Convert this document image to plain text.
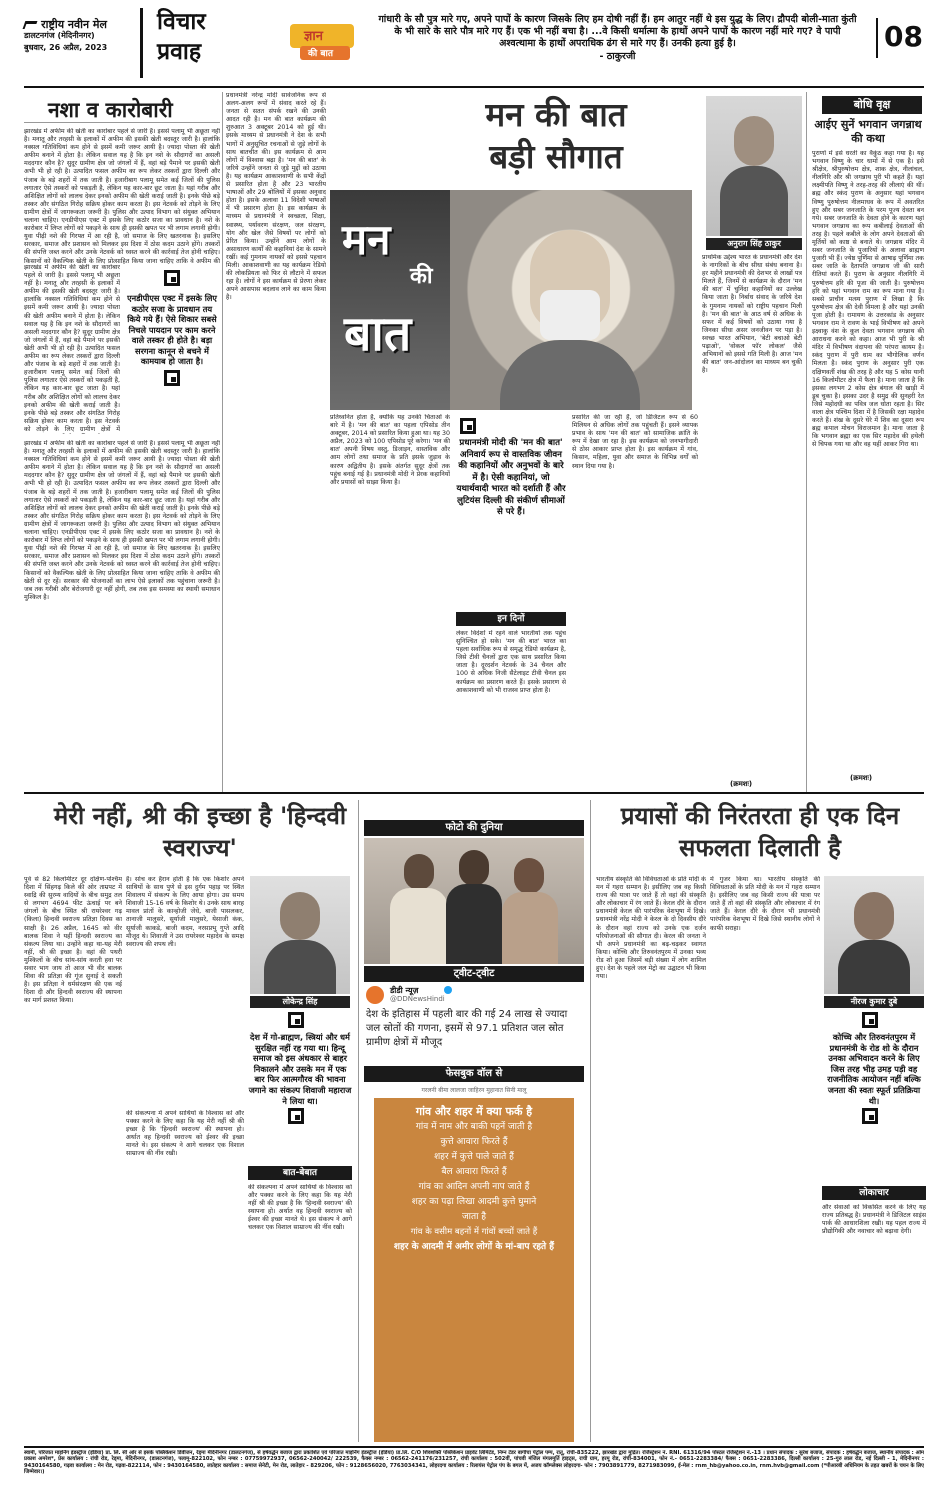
राष्ट्रीय नवीन मेल
डालटनगंज (मेदिनीनगर)
बुधवार, 26 अप्रैल, 2023
विचार
प्रवाह
ज्ञान
की बात
गांधारी के सौ पुत्र मारे गए, अपने पापों के कारण जिसके लिए हम दोषी नहीं हैं। हम आतुर नहीं थे इस युद्ध के लिए। द्रौपदी बोली-माता कुंती के भी सारे के सारे पौत्र मारे गए हैं। एक भी नहीं बचा है। ...वे किसी धर्मात्मा के हाथों अपने पापों के कारण नहीं मारे गए? वे पापी अश्वत्थामा के हाथों अपराधिक ढंग से मारे गए हैं। उनकी हत्या हुई है।
- ठाकुरजी
08
नशा व कारोबारी
झारखंड में अफीम की खेती का कारोबार पहले से जारी है। इससे पलामू भी अछूता नहीं है। मनातू और तरहसी के इलाकों में अफीम की इसकी खेती बदस्तूर जारी है। हालांकि नक्सल गतिविधियां कम होने से इसमें कमी जरूर आयी है। ज्यादा पोस्ता की खेती अफीम बनाने में होता है। लेकिन सवाल यह है कि इन नशे के सौदागरों का असली मददगार कौन है? सुदूर ग्रामीण क्षेत्र जो जंगलों में हैं, वहां बड़े पैमाने पर इसकी खेती अभी भी हो रही है। उत्पादित फसल अफीम का रूप लेकर तस्करों द्वारा दिल्ली और पंजाब के बड़े शहरों में तक जाती है। हजारीबाग पलामू समेत कई जिलों की पुलिस लगातार ऐसे तस्करों को पकड़ती है, लेकिन यह कार-बार छूट जाता है। यहां गरीब और अशिक्षित लोगों को लालच देकर इनको अफीम की खेती कराई जाती है। इनके पीछे बड़े तस्कर और संगठित गिरोह सक्रिय होकर काम करता है। इस नेटवर्क को तोड़ने के लिए ग्रामीण क्षेत्रों में जागरूकता जरूरी है। पुलिस और उत्पाद विभाग को संयुक्त अभियान चलाना चाहिए। एनडीपीएस एक्ट में इसके लिए कठोर सजा का प्रावधान है। नशे के कारोबार में लिप्त लोगों को पकड़ने के साथ ही इसकी खपत पर भी लगाम लगानी होगी। युवा पीढ़ी नशे की गिरफ्त में आ रही है, जो समाज के लिए खतरनाक है। इसलिए सरकार, समाज और प्रशासन को मिलकर इस दिशा में ठोस कदम उठाने होंगे। तस्करों की संपत्ति जब्त करने और उनके नेटवर्क को ध्वस्त करने की कार्रवाई तेज होनी चाहिए। किसानों को वैकल्पिक खेती के लिए प्रोत्साहित किया जाना चाहिए ताकि वे अफीम की
झारखंड में अफीम की खेती का कारोबार पहले से जारी है। इससे पलामू भी अछूता नहीं है। मनातू और तरहसी के इलाकों में अफीम की इसकी खेती बदस्तूर जारी है। हालांकि नक्सल गतिविधियां कम होने से इसमें कमी जरूर आयी है। ज्यादा पोस्ता की खेती अफीम बनाने में होता है। लेकिन सवाल यह है कि इन नशे के सौदागरों का असली मददगार कौन है? सुदूर ग्रामीण क्षेत्र जो जंगलों में हैं, वहां बड़े पैमाने पर इसकी खेती अभी भी हो रही है। उत्पादित फसल अफीम का रूप लेकर तस्करों द्वारा दिल्ली और पंजाब के बड़े शहरों में तक जाती है। हजारीबाग पलामू समेत कई जिलों की पुलिस लगातार ऐसे तस्करों को पकड़ती है, लेकिन यह कार-बार छूट जाता है। यहां गरीब और अशिक्षित लोगों को लालच देकर इनको अफीम की खेती कराई जाती है। इनके पीछे बड़े तस्कर और संगठित गिरोह सक्रिय होकर काम करता है। इस नेटवर्क को तोड़ने के लिए ग्रामीण क्षेत्रों में
एनडीपीएस एक्ट में इसके लिए कठोर सजा के प्रावधान तय किये गये हैं। ऐसे शिकार सबसे निचले पायदान पर काम करने वाले तस्कर ही होते है। बड़ा सरगना कानून से बचने में कामयाब हो जाता है।
झारखंड में अफीम की खेती का कारोबार पहले से जारी है। इससे पलामू भी अछूता नहीं है। मनातू और तरहसी के इलाकों में अफीम की इसकी खेती बदस्तूर जारी है। हालांकि नक्सल गतिविधियां कम होने से इसमें कमी जरूर आयी है। ज्यादा पोस्ता की खेती अफीम बनाने में होता है। लेकिन सवाल यह है कि इन नशे के सौदागरों का असली मददगार कौन है? सुदूर ग्रामीण क्षेत्र जो जंगलों में हैं, वहां बड़े पैमाने पर इसकी खेती अभी भी हो रही है। उत्पादित फसल अफीम का रूप लेकर तस्करों द्वारा दिल्ली और पंजाब के बड़े शहरों में तक जाती है। हजारीबाग पलामू समेत कई जिलों की पुलिस लगातार ऐसे तस्करों को पकड़ती है, लेकिन यह कार-बार छूट जाता है। यहां गरीब और अशिक्षित लोगों को लालच देकर इनको अफीम की खेती कराई जाती है। इनके पीछे बड़े तस्कर और संगठित गिरोह सक्रिय होकर काम करता है। इस नेटवर्क को तोड़ने के लिए ग्रामीण क्षेत्रों में जागरूकता जरूरी है। पुलिस और उत्पाद विभाग को संयुक्त अभियान चलाना चाहिए। एनडीपीएस एक्ट में इसके लिए कठोर सजा का प्रावधान है। नशे के कारोबार में लिप्त लोगों को पकड़ने के साथ ही इसकी खपत पर भी लगाम लगानी होगी। युवा पीढ़ी नशे की गिरफ्त में आ रही है, जो समाज के लिए खतरनाक है। इसलिए सरकार, समाज और प्रशासन को मिलकर इस दिशा में ठोस कदम उठाने होंगे। तस्करों की संपत्ति जब्त करने और उनके नेटवर्क को ध्वस्त करने की कार्रवाई तेज होनी चाहिए। किसानों को वैकल्पिक खेती के लिए प्रोत्साहित किया जाना चाहिए ताकि वे अफीम की खेती से दूर रहें। सरकार की योजनाओं का लाभ ऐसे इलाकों तक पहुंचाना जरूरी है। जब तक गरीबी और बेरोजगारी दूर नहीं होगी, तब तक इस समस्या का स्थायी समाधान मुश्किल है।
प्रधानमंत्री नरेन्द्र मोदी सार्वजनिक रूप से अलग-अलग रूपों में संवाद करते रहे हैं। जनता से सतत संपर्क रखने की उनकी आदत रही है। मन की बात कार्यक्रम की शुरुआत 3 अक्टूबर 2014 को हुई थी। इसके माध्यम से प्रधानमंत्री ने देश के सभी भागों में अनुसूचित रचनाओं से जुड़े लोगों के साथ बातचीत की। इस कार्यक्रम से आम लोगों में विश्वास बढ़ा है। 'मन की बात' के जरिये उन्होंने जनता से जुड़े मुद्दों को उठाया है। यह कार्यक्रम आकाशवाणी के सभी केंद्रों से प्रसारित होता है और 23 भारतीय भाषाओं और 29 बोलियों में इसका अनुवाद होता है। इसके अलावा 11 विदेशी भाषाओं में भी प्रसारण होता है। इस कार्यक्रम के माध्यम से प्रधानमंत्री ने स्वच्छता, शिक्षा, स्वास्थ्य, पर्यावरण संरक्षण, जल संरक्षण, योग और खेल जैसे विषयों पर लोगों को प्रेरित किया। उन्होंने आम लोगों के असाधारण कार्यों की कहानियां देश के सामने रखीं। कई गुमनाम नायकों को इससे पहचान मिली। आकाशवाणी का यह कार्यक्रम रेडियो की लोकप्रियता को फिर से लौटाने में सफल रहा है। लोगों ने इस कार्यक्रम से प्रेरणा लेकर अपने आसपास बदलाव लाने का काम किया है।
मन की बात
बड़ी सौगात
मन
की
बात
अनुराग सिंह ठाकुर
प्राथमिक उद्देश्य भारत के प्रधानमंत्री और देश के नागरिकों के बीच सीधा संबंध बनाना है। हर महीने प्रधानमंत्री की देशभर से लाखों पत्र मिलते हैं, जिनमें से कार्यक्रम के दौरान 'मन की बात' में चुनिंदा कहानियों का उल्लेख किया जाता है। निर्बाध संवाद के जरिये देश के गुमनाम नायकों को राष्ट्रीय पहचान मिली है। 'मन की बात' के आठ वर्ष से अधिक के सफर में कई विषयों को उठाया गया है जिनका सीधा असर जनजीवन पर पड़ा है। स्वच्छ भारत अभियान, 'बेटी बचाओ बेटी पढ़ाओ', 'वोकल फॉर लोकल' जैसे अभियानों को इससे गति मिली है। आज 'मन की बात' जन-आंदोलन का माध्यम बन चुकी है।
(क्रमशः)
प्रतिध्वनित होता है, क्योंकि यह उनकी चिंताओं के बारे में है। 'मन की बात' का पहला एपिसोड तीन अक्टूबर, 2014 को प्रसारित किया हुआ था। यह 30 अप्रैल, 2023 को 100 एपिसोड पूरे करेगा। 'मन की बात' अपनी विषय वस्तु, डिजाइन, वास्तविक और आम लोगों तथा समाज के प्रति इसके जुड़ाव के कारण अद्वितीय है। इसके अंतर्गत सुदूर क्षेत्रों तक पहुंच बनाई गई है। प्रधानमंत्री मोदी ने प्रेरक कहानियों और प्रयासों को साझा किया है।
प्रधानमंत्री मोदी की 'मन की बात' अनिवार्य रूप से वास्तविक जीवन की कहानियों और अनुभवों के बारे में है। ऐसी कहानियां, जो यथार्थवादी भारत को दर्शाती हैं और लुटियंस दिल्ली की संकीर्ण सीमाओं से परे हैं।
इन दिनों
लेकर विदेशों में रहने वाले भारतीयों तक पहुंच सुनिश्चित हो सके। 'मन की बात' भारत का पहला सर्वाधिक रूप से समृद्ध रेडियो कार्यक्रम है, जिसे टीवी चैनलों द्वारा एक साथ प्रसारित किया जाता है। दूरदर्शन नेटवर्क के 34 चैनल और 100 से अधिक निजी सैटेलाइट टीवी चैनल इस कार्यक्रम का प्रसारण करते हैं। इसके प्रसारण से आकाशवाणी को भी राजस्व प्राप्त होता है।
प्रसारित की जा रही हैं, जो डिजिटल रूप से 60 मिलियन से अधिक लोगों तक पहुंचती हैं। इसने व्यापक प्रभाव के साथ 'मन की बात' को सामाजिक क्रांति के रूप में देखा जा रहा है। इस कार्यक्रम को जनभागीदारी से ठोस आकार प्राप्त होता है। इस कार्यक्रम में गांव, किसान, महिला, युवा और समाज के विभिन्न वर्गों को स्थान दिया गया है।
बोधि वृक्ष
आईए सुनें भगवान जगन्नाथ की कथा
पुराणों में इसे धरती का वैकुंठ कहा गया है। यह भगवान विष्णु के चार धामों में से एक है। इसे श्रीक्षेत्र, श्रीपुरुषोत्तम क्षेत्र, शाक क्षेत्र, नीलांचल, नीलगिरि और श्री जगन्नाथ पुरी भी कहते हैं। यहां लक्ष्मीपति विष्णु ने तरह-तरह की लीलाएं की थीं। ब्रह्म और स्कंद पुराण के अनुसार यहां भगवान विष्णु पुरुषोत्तम नीलमाधव के रूप में अवतरित हुए और सबर जनजाति के परम पूज्य देवता बन गये। सबर जनजाति के देवता होने के कारण यहां भगवान जगन्नाथ का रूप कबीलाई देवताओं की तरह है। पहले कबीले के लोग अपने देवताओं की मूर्तियों को काष्ठ से बनाते थे। जगन्नाथ मंदिर में सबर जनजाति के पुजारियों के अलावा ब्राह्मण पुजारी भी हैं। ज्येष्ठ पूर्णिमा से आषाढ़ पूर्णिमा तक सबर जाति के दैतापति जगन्नाथ जी की सारी रीतियां करते हैं। पुराण के अनुसार नीलगिरि में पुरुषोत्तम हरि की पूजा की जाती है। पुरुषोत्तम हरि को यहां भगवान राम का रूप माना गया है। सबसे प्राचीन मत्स्य पुराण में लिखा है कि पुरुषोत्तम क्षेत्र की देवी विमला है और यहां उनकी पूजा होती है। रामायण के उत्तरकांड के अनुसार भगवान राम ने रावण के भाई विभीषण को अपने इक्ष्वाकु वंश के कुल देवता भगवान जगन्नाथ की आराधना करने को कहा। आज भी पुरी के श्री मंदिर में विभीषण वंदापना की परंपरा कायम है। स्कंद पुराण में पुरी धाम का भौगोलिक वर्णन मिलता है। स्कंद पुराण के अनुसार पुरी एक दक्षिणवर्ती शंख की तरह है और यह 5 कोस यानी 16 किलोमीटर क्षेत्र में फैला है। माना जाता है कि इसका लगभग 2 कोस क्षेत्र बंगाल की खाड़ी में डूब चुका है। इसका उदर है समुद्र की सुनहरी रेत जिसे महोदधी का पवित्र जल धोता रहता है। सिर वाला क्षेत्र पश्चिम दिशा में है जिसकी रक्षा महादेव करते हैं। शंख के दूसरे घेरे में शिव का दूसरा रूप ब्रह्म कपाल मोचन विराजमान है। माना जाता है कि भगवान ब्रह्मा का एक सिर महादेव की हथेली से चिपक गया था और वह यहीं आकर गिरा था।
(क्रमशः)
मेरी नहीं, श्री की इच्छा है 'हिन्दवी स्वराज्य'
पूर्व से 82 किलोमीटर दूर दक्षिण-पश्चिम दिशा में सिंहगढ़ किले की ओर ताम्रपट में स्वाद्रि की सुरम्य वादियों के बीच समुद्र तल से लगभग 4694 फीट ऊंचाई पर बने जंगलों के बीच स्थित श्री रायरेश्वर गढ़ (किला) हिन्दवी स्वराज्य प्रतिज्ञा दिवस का साक्षी है। 26 अप्रैल, 1645 को वीर बालक शिवा ने यहीं हिन्दवी स्वराज्य का संकल्प लिया था। उन्होंने कहा था-यह मेरी नहीं, श्री की इच्छा है। वहां की पथरी मुश्किलों के बीच सांय-सांय करती हवा पर सवार भाग जाय तो आज भी वीर बालक शिवा की प्रतिज्ञा की गूंज सुनाई दे सकती है। इस प्रतिज्ञा ने धर्मसंरक्षण की एक नई दिशा दी और हिन्दवी स्वराज्य की स्थापना का मार्ग प्रशस्त किया।
है। सोच कर हैरान होती है कि एक किशोर अपने साथियों के साथ पुणे से इस दुर्गम पहाड़ पर स्थित शिवालय में संकल्प के लिए आया होगा। उस समय शिवाजी 15-16 वर्ष के किशोर थे। उनके साथ बारह मावल प्रांतों के कान्होजी जेधे, बाजी पासलकर, तानाजी मालुसरे, सूर्याजी मालुसरे, येसाजी कंक, सूर्याजी काकडे, बाजी कदम, नरसप्रभु गुप्ते आदि मौजूद थे। शिवाजी ने उस रायरेश्वर महादेव के समक्ष स्वराज्य की शपथ ली।
लोकेन्द्र सिंह
देश में गो-ब्राह्मण, स्त्रियां और धर्म सुरक्षित नहीं रह गया था। हिन्दू समाज को इस अंधकार से बाहर निकालने और उसके मन में एक बार फिर आत्मगौरव की भावना जगाने का संकल्प शिवाजी महाराज ने लिया था।
बात-बेबात
की संकल्पना में अपने साथियों के विश्वास को और पक्का करने के लिए कहा कि यह मेरी नहीं श्री की इच्छा है कि 'हिन्दवी स्वराज्य' की स्थापना हो। अर्थात वह हिन्दवी स्वराज्य को ईश्वर की इच्छा मानते थे। इस संकल्प ने आगे चलकर एक विशाल साम्राज्य की नींव रखी।
की संकल्पना में अपने साथियों के विश्वास को और पक्का करने के लिए कहा कि यह मेरी नहीं श्री की इच्छा है कि 'हिन्दवी स्वराज्य' की स्थापना हो। अर्थात वह हिन्दवी स्वराज्य को ईश्वर की इच्छा मानते थे। इस संकल्प ने आगे चलकर एक विशाल साम्राज्य की नींव रखी।
फोटो की दुनिया
ट्वीट-ट्वीट
डीडी न्यूज़
@DDNewsHindi
देश के इतिहास में पहली बार की गई 24 लाख से ज्यादा जल स्रोतों की गणना, इसमें से 97.1 प्रतिशत जल स्रोत ग्रामीण क्षेत्रों में मौजूद
फेसबुक वॉल से
गरलनी बीमा लालजा जाहिरन मुहानात सिनी मालू
गांव और शहर में क्या फर्क है
गांव में नाम और बाकी पहनें जाती है
कुत्ते आवारा फिरते हैं
शहर में कुत्ते पाले जाते हैं
बैल आवारा फिरते हैं
गांव का आदिन अपनी नाप जाते हैं
शहर का पढ़ा लिखा आदमी कुत्ते घुमाने
जाता है
गांव के वसीम बहनों में गांवों बच्चों जाते हैं
शहर के आदमी में अमीर लोगों के मां-बाप रहते हैं
प्रयासों की निरंतरता ही एक दिन सफलता दिलाती है
भारतीय संस्कृति की विविधताओं के प्रति मोदी के मन में गहरा सम्मान है। इसीलिए जब वह किसी राज्य की यात्रा पर जाते हैं तो वहां की संस्कृति और लोकाचार में रंग जाते हैं। केरल दौरे के दौरान प्रधानमंत्री केरल की पारंपरिक वेशभूषा में दिखे। प्रधानमंत्री नरेंद्र मोदी ने केरल के दो दिवसीय दौरे के दौरान वहां राज्य को उनके एक दर्जन परियोजनाओं की सौगात दी। केरल की जनता ने भी अपने प्रधानमंत्री का बढ़-चढ़कर स्वागत किया। कोच्चि और तिरुवनंतपुरम में उनका भव्य रोड शो हुआ जिसमें बड़ी संख्या में लोग शामिल हुए। देश के पहले जल मेट्रो का उद्घाटन भी किया गया।
में गुजर किया था। भारतीय संस्कृति की विविधताओं के प्रति मोदी के मन में गहरा सम्मान है। इसीलिए जब वह किसी राज्य की यात्रा पर जाते हैं तो वहां की संस्कृति और लोकाचार में रंग जाते हैं। केरल दौरे के दौरान भी प्रधानमंत्री पारंपरिक वेशभूषा में दिखे जिसे स्थानीय लोगों ने काफी सराहा।
नीरज कुमार दुबे
कोच्चि और तिरुवनंतपुरम में प्रधानमंत्री के रोड शो के दौरान उनका अभिवादन करने के लिए जिस तरह भीड़ उमड़ पड़ी वह राजनीतिक आयोजन नहीं बल्कि जनता की स्वतः स्फूर्त प्रतिक्रिया थी।
लोकाचार
और सेवाओं को विकसित करने के लिए यह राज्य प्रतिबद्ध है। प्रधानमंत्री ने डिजिटल साइंस पार्क की आधारशिला रखी। यह पहल राज्य में प्रौद्योगिकी और नवाचार को बढ़ावा देगी।
स्वामी, परिजात माइनिंग इंडस्ट्रीज (इंडिया) प्रा. लि. सी ओर से इसके पब्लिकेशन डिवीजन, रेड्मा मेदिनीनगर (डालटनगंज), से हर्षवर्द्धन बजाज द्वारा प्रकाशित एवं परिजात माइनिंग इंडस्ट्रीज (इंडिया) प्रा.लि. C/O शिवशक्ति पब्लिकेशन प्राइवेट लिमिटेड, निम्न टेंडर बागीचा पेट्रोल पम्प, रातू, रांची-835222, झारखंड द्वारा मुद्रित। रजिस्ट्रेशन नं. RNI. 61316/94 पोस्टल रजिस्ट्रेशन नं.-13 । प्रधान संपादक : सुरेश बजाज, संपादक : हर्षवर्द्धन बजाज, स्थानीय संपादक : ओम प्रकाश अमरेश*, प्रेस कार्यालय : रांची रोड, रेड्मा, मेदिनीनगर, (डालटनगंज), पलामू-822102, फोन नम्बर : 07759972937, 06562-240042/ 222539, फैक्स नम्बर : 06562-241176/231257, रांची कार्यालय : 502वीं, पांचवी मंजिल मंगलमूर्ति हाइट्स, राची ग्राम, हरमू रोड, रांची-834001, फोन नं.- 0651-2283384/ फैक्स : 0651-2283386, दिल्ली कार्यालय : 25-गुरु लाल रोड, नई दिल्ली - 1, मेदिनीनगर : 9430164580, गढ़वा कार्यालय : मेन रोड, गढ़वा-822114, फोन : 9430164580, लातेहार कार्यालय : समाज सेनेटी, मेन रोड, लातेहार - 829206, फोन : 9128656020, 7763034341, लोहरदगा कार्यालय : रिलायंस पेट्रोल पंप के बगल में, अजय कॉम्प्लेक्स लोहरदगा- फोन : 7903891779, 8271983099, ई-मेल : rnm_hb@yahoo.co.in, rnm.hvb@gmail.com (*पीआरबी अधिनियम के तहत खबरों के चयन के लिए जिम्मेवार।)
